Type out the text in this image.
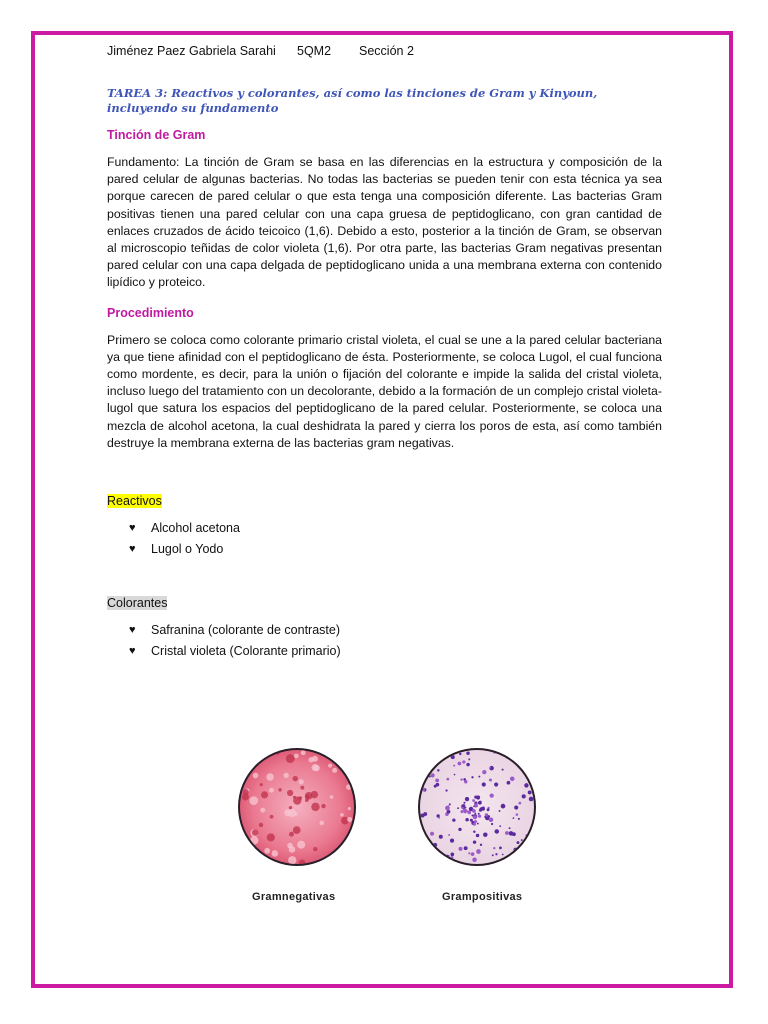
Jiménez Paez Gabriela Sarahi	5QM2	Sección 2
TAREA 3: Reactivos y colorantes, así como las tinciones de Gram y Kinyoun, incluyendo su fundamento
Tinción de Gram
Fundamento: La tinción de Gram se basa en las diferencias en la estructura y composición de la pared celular de algunas bacterias. No todas las bacterias se pueden tenir con esta técnica ya sea porque carecen de pared celular o que esta tenga una composición diferente. Las bacterias Gram positivas tienen una pared celular con una capa gruesa de peptidoglicano, con gran cantidad de enlaces cruzados de ácido teicoico (1,6). Debido a esto, posterior a la tinción de Gram, se observan al microscopio teñidas de color violeta (1,6). Por otra parte, las bacterias Gram negativas presentan pared celular con una capa delgada de peptidoglicano unida a una membrana externa con contenido lipídico y proteico.
Procedimiento
Primero se coloca como colorante primario cristal violeta, el cual se une a la pared celular bacteriana ya que tiene afinidad con el peptidoglicano de ésta. Posteriormente, se coloca Lugol, el cual funciona como mordente, es decir, para la unión o fijación del colorante e impide la salida del cristal violeta, incluso luego del tratamiento con un decolorante, debido a la formación de un complejo cristal violeta-lugol que satura los espacios del peptidoglicano de la pared celular. Posteriormente, se coloca una mezcla de alcohol acetona, la cual deshidrata la pared y cierra los poros de esta, así como también destruye la membrana externa de las bacterias gram negativas.
Reactivos
♥	Alcohol acetona
♥	Lugol o Yodo
Colorantes
♥	Safranina (colorante de contraste)
♥	Cristal violeta (Colorante primario)
Gramnegativas	Grampositivas
